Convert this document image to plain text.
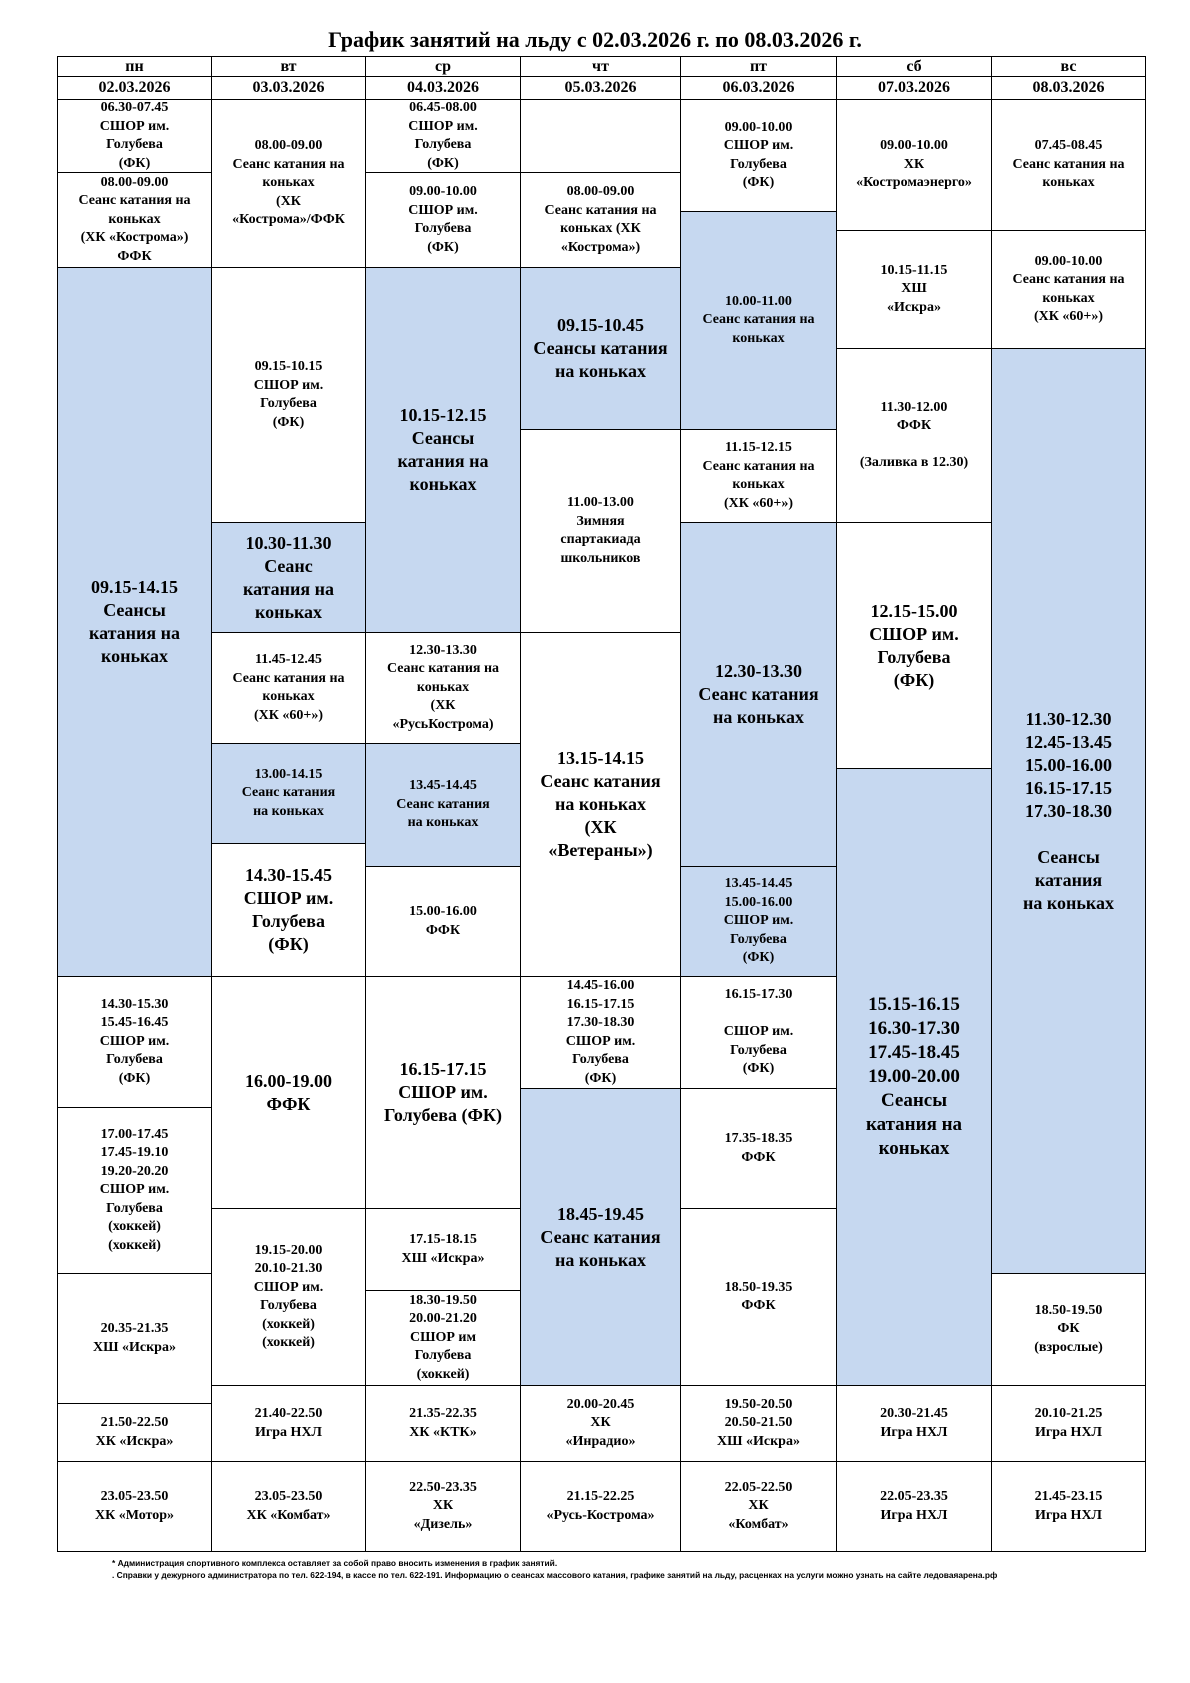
График занятий на льду с 02.03.2026 г. по 08.03.2026 г.
пн
02.03.2026
вт
03.03.2026
ср
04.03.2026
чт
05.03.2026
пт
06.03.2026
сб
07.03.2026
вс
08.03.2026
06.30-07.45
СШОР им.
Голубева
(ФК)
08.00-09.00
Сеанс катания на
коньках
(ХК «Кострома»)
ФФК
09.15-14.15
Сеансы
катания на
коньках
14.30-15.30
15.45-16.45
СШОР им.
Голубева
(ФК)
17.00-17.45
17.45-19.10
19.20-20.20
СШОР им.
Голубева
(хоккей)
(хоккей)
20.35-21.35
ХШ «Искра»
21.50-22.50
ХК «Искра»
23.05-23.50
ХК «Мотор»
08.00-09.00
Сеанс катания на
коньках
(ХК
«Кострома»/ФФК
09.15-10.15
СШОР им.
Голубева
(ФК)
10.30-11.30
Сеанс
катания на
коньках
11.45-12.45
Сеанс катания на
коньках
(ХК «60+»)
13.00-14.15
Сеанс катания
на коньках
14.30-15.45
СШОР им.
Голубева
(ФК)
16.00-19.00
ФФК
19.15-20.00
20.10-21.30
СШОР им.
Голубева
(хоккей)
(хоккей)
21.40-22.50
Игра НХЛ
23.05-23.50
ХК «Комбат»
06.45-08.00
СШОР им.
Голубева
(ФК)
09.00-10.00
СШОР им.
Голубева
(ФК)
10.15-12.15
Сеансы
катания на
коньках
12.30-13.30
Сеанс катания на
коньках
(ХК
«РусьКострома)
13.45-14.45
Сеанс катания
на коньках
15.00-16.00
ФФК
16.15-17.15
СШОР им.
Голубева (ФК)
17.15-18.15
ХШ «Искра»
18.30-19.50
20.00-21.20
СШОР им
Голубева
(хоккей)
21.35-22.35
ХК «КТК»
22.50-23.35
ХК
«Дизель»
08.00-09.00
Сеанс катания на
коньках (ХК
«Кострома»)
09.15-10.45
Сеансы катания
на коньках
11.00-13.00
Зимняя
спартакиада
школьников
13.15-14.15
Сеанс катания
на коньках
(ХК
«Ветераны»)
14.45-16.00
16.15-17.15
17.30-18.30
СШОР им.
Голубева
(ФК)
18.45-19.45
Сеанс катания
на коньках
20.00-20.45
ХК
«Инрадио»
21.15-22.25
«Русь-Кострома»
09.00-10.00
СШОР им.
Голубева
(ФК)
10.00-11.00
Сеанс катания на
коньках
11.15-12.15
Сеанс катания на
коньках
(ХК «60+»)
12.30-13.30
Сеанс катания
на коньках
13.45-14.45
15.00-16.00
СШОР им.
Голубева
(ФК)
16.15-17.30

СШОР им.
Голубева
(ФК)
17.35-18.35
ФФК
18.50-19.35
ФФК
19.50-20.50
20.50-21.50
ХШ «Искра»
22.05-22.50
ХК
«Комбат»
09.00-10.00
ХК
«Костромаэнерго»
10.15-11.15
ХШ
«Искра»
11.30-12.00
ФФК

(Заливка в 12.30)
12.15-15.00
СШОР им.
Голубева
(ФК)
15.15-16.15
16.30-17.30
17.45-18.45
19.00-20.00
Сеансы
катания на
коньках
20.30-21.45
Игра НХЛ
22.05-23.35
Игра НХЛ
07.45-08.45
Сеанс катания на
коньках
09.00-10.00
Сеанс катания на
коньках
(ХК «60+»)
11.30-12.30
12.45-13.45
15.00-16.00
16.15-17.15
17.30-18.30

Сеансы
катания
на коньках
18.50-19.50
ФК
(взрослые)
20.10-21.25
Игра НХЛ
21.45-23.15
Игра НХЛ
* Администрация спортивного комплекса оставляет за собой право вносить изменения в график занятий.
. Справки у дежурного администратора по тел. 622-194, в кассе по тел. 622-191. Информацию о сеансах массового катания, графике занятий на льду, расценках на услуги можно узнать на сайте ледоваяарена.рф
